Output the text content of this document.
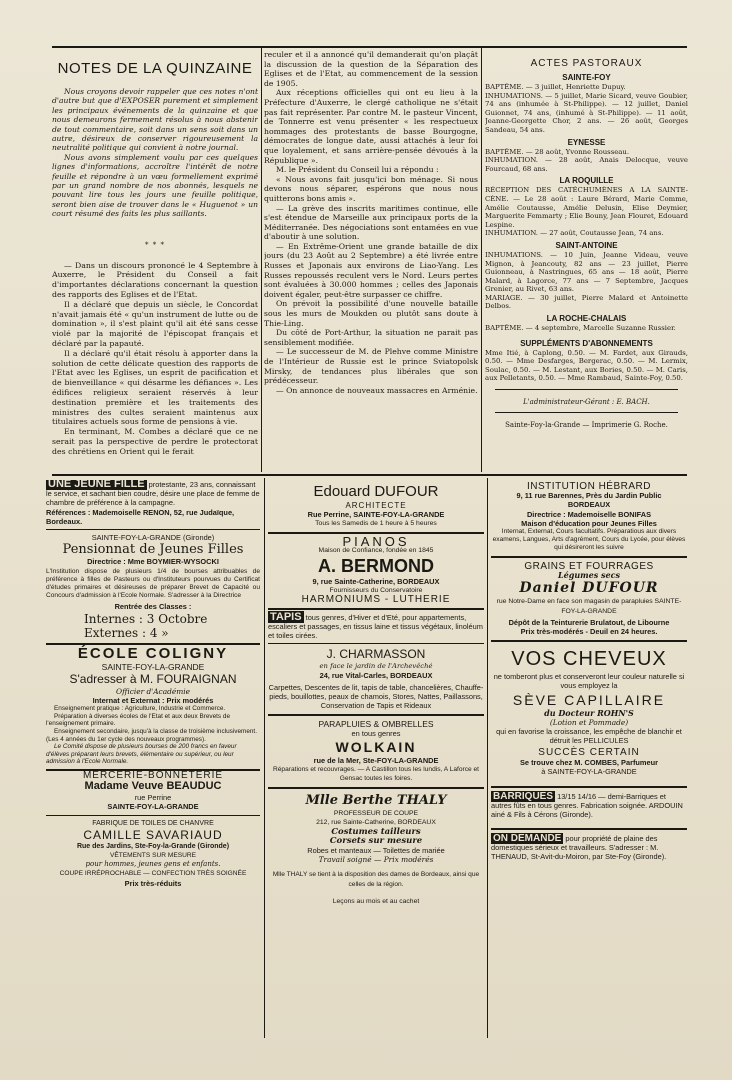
NOTES DE LA QUINZAINE

Nous croyons devoir rappeler que ces notes n'ont d'autre but que d'EXPOSER purement et simplement les principaux événements de la quinzaine et que nous demeurons fermement résolus à nous abstenir de tout commentaire, soit dans un sens soit dans un autre, désireux de conserver rigoureusement la neutralité politique qui convient à notre journal.

Nous avons simplement voulu par ces quelques lignes d'informations, accroître l'intérêt de notre feuille et répondre à un vœu formellement exprimé par un grand nombre de nos abonnés, lesquels ne pouvant lire tous les jours une feuille politique, seront bien aise de trouver dans le « Huguenot » un court résumé des faits les plus saillants.

* * *

— Dans un discours prononcé le 4 Septembre à Auxerre, le Président du Conseil a fait d'importantes déclarations concernant la question des rapports des Eglises et de l'Etat.

Il a déclaré que depuis un siècle, le Concordat n'avait jamais été « qu'un instrument de lutte ou de domination », il s'est plaint qu'il ait été sans cesse violé par la majorité de l'épiscopat français et déclaré par la papauté.

Il a déclaré qu'il était résolu à apporter dans la solution de cette délicate question des rapports de l'Etat avec les Eglises, un esprit de pacification et de bienveillance « qui désarme les défiances ». Les édifices religieux seraient réservés à leur destination première et les traitements des ministres des cultes seraient maintenus aux titulaires actuels sous forme de pensions à vie.

En terminant, M. Combes a déclaré que ce ne serait pas la perspective de perdre le protectorat des chrétiens en Orient qui le ferait

reculer et il a annoncé qu'il demanderait qu'on plaçât la discussion de la question de la Séparation des Eglises et de l'Etat, au commencement de la session de 1905.

Aux réceptions officielles qui ont eu lieu à la Préfecture d'Auxerre, le clergé catholique ne s'était pas fait représenter. Par contre M. le pasteur Vincent, de Tonnerre est venu présenter « les respectueux hommages des protestants de basse Bourgogne, démocrates de longue date, aussi attachés à leur foi que loyalement, et sans arrière-pensée dévoués à la République ».

M. le Président du Conseil lui a répondu :

« Nous avons fait jusqu'ici bon ménage. Si nous devons nous séparer, espérons que nous nous quitterons bons amis ».

— La grève des inscrits maritimes continue, elle s'est étendue de Marseille aux principaux ports de la Méditerranée. Des négociations sont entamées en vue d'aboutir à une solution.

— En Extrême-Orient une grande bataille de dix jours (du 23 Août au 2 Septembre) a été livrée entre Russes et Japonais aux environs de Liao-Yang. Les Russes repoussés reculent vers le Nord. Leurs pertes sont évaluées à 30.000 hommes ; celles des Japonais doivent égaler, peut-être surpasser ce chiffre.

On prévoit la possibilité d'une nouvelle bataille sous les murs de Moukden ou plutôt sans doute à Thie-Ling.

Du côté de Port-Arthur, la situation ne parait pas sensiblement modifiée.

— Le successeur de M. de Plehve comme Ministre de l'Intérieur de Russie est le prince Sviatopolsk Mirsky, de tendances plus libérales que son prédécesseur.

— On annonce de nouveaux massacres en Arménie.

ACTES PASTORAUX
SAINTE-FOY

BAPTÊME. — 3 juillet, Henriette Dupuy.

INHUMATIONS. — 5 juillet, Marie Sicard, veuve Goubier, 74 ans (inhumée à St-Philippe). — 12 juillet, Daniel Guionnet, 74 ans, (inhumé à St-Philippe). — 11 août, Jeanne-Georgette Chor, 2 ans. — 26 août, Georges Sandeau, 54 ans.

EYNESSE

BAPTÊME. — 28 août, Yvonne Rousseau.

INHUMATION. — 28 août, Anais Delocque, veuve Fourcaud, 68 ans.

LA ROQUILLE

RÉCEPTION DES CATÉCHUMÈNES A LA SAINTE-CÈNE. — Le 28 août : Laure Bérard, Marie Comme, Amélie Coutausse, Amélie Delusin, Elise Deymier, Marguerite Femmarty ; Elie Bouny, Jean Flouret, Edouard Lespine.

INHUMATION. — 27 août, Coutausse Jean, 74 ans.

SAINT-ANTOINE

INHUMATIONS. — 10 Juin, Jeanne Videau, veuve Mignon, à Jeancouty, 82 ans — 23 juillet, Pierre Guionneau, à Nastringues, 65 ans — 18 août, Pierre Malard, à Lagorce, 77 ans — 7 Septembre, Jacques Grenier, au Rivet, 63 ans.

MARIAGE. — 30 juillet, Pierre Malard et Antoinette Delbos.

LA ROCHE-CHALAIS

BAPTÊME. — 4 septembre, Marcelle Suzanne Russier.

SUPPLÉMENTS D'ABONNEMENTS

Mme Itié, à Caplong, 0.50. — M. Fardet, aux Girauds, 0.50. — Mme Desfarges, Bergerac, 0.50. — M. Lermix, Soulac, 0.50. — M. Lestant, aux Bories, 0.50. — M. Caris, aux Pelletants, 0.50. — Mme Rambaud, Sainte-Foy, 0.50.

L'administrateur-Gérant : E. BACH.

Sainte-Foy-la-Grande — Imprimerie G. Roche.

UNE JEUNE FILLE protestante, 23 ans, connaissant le service, et sachant bien coudre, désire une place de femme de chambre de préférence à la campagne.

Références : Mademoiselle RENON, 52, rue Judaïque, Bordeaux.

SAINTE-FOY-LA-GRANDE (Gironde)

Pensionnat de Jeunes Filles

Directrice : Mme BOYMIER-WYSOCKI

L'Institution dispose de plusieurs 1/4 de bourses attribuables de préférence à filles de Pasteurs ou d'Instituteurs pourvues du Certificat d'études primaires et désireuses de préparer Brevet de Capacité ou Concours d'admission à l'Ecole Normale. S'adresser à la Directrice

Rentrée des Classes :

Internes : 3 Octobre

Externes : 4 »

ÉCOLE COLIGNY

SAINTE-FOY-LA-GRANDE

S'adresser à M. FOURAIGNAN

Officier d'Académie

Internat et Externat : Prix modérés

Enseignement pratique : Agriculture, Industrie et Commerce.

Préparation à diverses écoles de l'Etat et aux deux Brevets de l'enseignement primaire.

Enseignement secondaire, jusqu'à la classe de troisième inclusivement. (Les 4 années du 1er cycle des nouveaux programmes).

Le Comité dispose de plusieurs bourses de 200 francs en faveur d'élèves préparant leurs brevets, élémentaire ou supérieur, ou leur admission à l'Ecole Normale.

MERCERIE-BONNETERIE

Madame Veuve BEAUDUC

rue Perrine

SAINTE-FOY-LA-GRANDE

FABRIQUE DE TOILES DE CHANVRE

CAMILLE SAVARIAUD

Rue des Jardins, Ste-Foy-la-Grande (Gironde)

VÊTEMENTS SUR MESURE

pour hommes, jeunes gens et enfants.

COUPE IRRÉPROCHABLE — CONFECTION TRÈS SOIGNÉE

Prix très-réduits

Edouard DUFOUR

ARCHITECTE

Rue Perrine, SAINTE-FOY-LA-GRANDE

Tous les Samedis de 1 heure à 5 heures

PIANOS

Maison de Confiance, fondée en 1845

A. BERMOND

9, rue Sainte-Catherine, BORDEAUX

Fournisseurs du Conservatoire

HARMONIUMS - LUTHERIE

TAPIS tous genres, d'Hiver et d'Eté, pour appartements, escaliers et passages, en tissus laine et tissus végétaux, linoléum et toiles cirées.

J. CHARMASSON

en face le jardin de l'Archevêché

24, rue Vital-Carles, BORDEAUX

Carpettes, Descentes de lit, tapis de table, chancelières, Chauffe-pieds, bouillottes, peaux de chamois, Stores, Nattes, Paillassons, Conservation de Tapis et Rideaux

PARAPLUIES & OMBRELLES

en tous genres

WOLKAIN

rue de la Mer, Ste-FOY-LA-GRANDE

Réparations et recouvrages. — A Castillon tous les lundis, A Laforce et Gensac toutes les foires.

Mlle Berthe THALY

PROFESSEUR DE COUPE

212, rue Sainte-Catherine, BORDEAUX

Costumes tailleurs

Corsets sur mesure

Robes et manteaux — Toilettes de mariée

Travail soigné — Prix modérés

Mlle THALY se tient à la disposition des dames de Bordeaux, ainsi que celles de la région.

Leçons au mois et au cachet

INSTITUTION HÉBRARD

9, 11 rue Barennes, Près du Jardin Public

BORDEAUX

Directrice : Mademoiselle BONIFAS

Maison d'éducation pour Jeunes Filles

Internat, Externat, Cours facultatifs. Préparatious aux divers examens, Langues, Arts d'agrément, Cours du Lycée, pour élèves qui désireront les suivre

GRAINS ET FOURRAGES

Légumes secs

Daniel DUFOUR

rue Notre-Dame en face son magasin de parapluies SAINTE-FOY-LA-GRANDE

Dépôt de la Teinturerie Brulatout, de Libourne

Prix très-modérés - Deuil en 24 heures.

VOS CHEVEUX

ne tomberont plus et conserveront leur couleur naturelle si vous employez la

SÈVE CAPILLAIRE

du Docteur ROHN'S

(Lotion et Pommade)

qui en favorise la croissance, les empêche de blanchir et détruit les PELLICULES

SUCCÈS CERTAIN

Se trouve chez M. COMBES, Parfumeur

à SAINTE-FOY-LA-GRANDE

BARRIQUES 13/15 14/16 — demi-Barriques et autres fûts en tous genres. Fabrication soignée. ARDOUIN ainé & Fils à Cérons (Gironde).

ON DEMANDE pour propriété de plaine des domestiques sérieux et travailleurs. S'adresser : M. THENAUD, St-Avit-du-Moiron, par Ste-Foy (Gironde).
